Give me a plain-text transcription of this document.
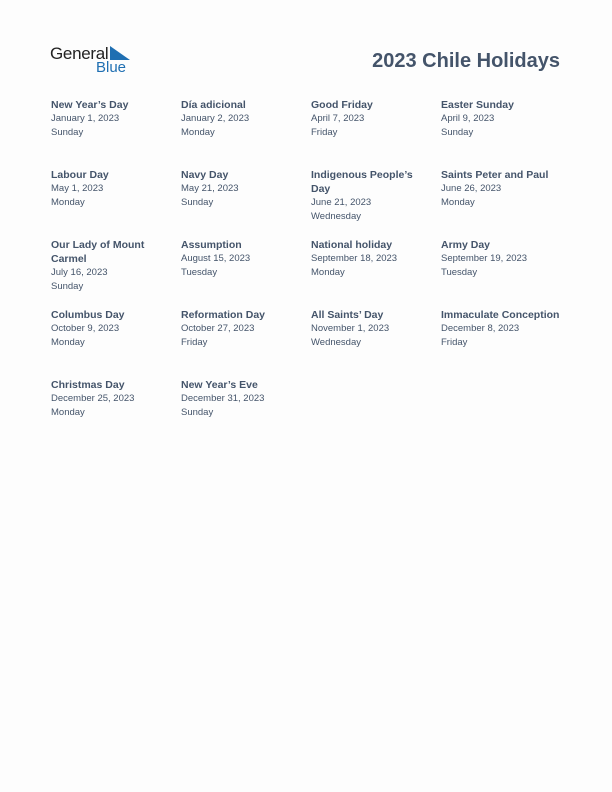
General
Blue	2023 Chile Holidays
New Year’s Day
January 1, 2023
Sunday
Día adicional
January 2, 2023
Monday
Good Friday
April 7, 2023
Friday
Easter Sunday
April 9, 2023
Sunday
Labour Day
May 1, 2023
Monday
Navy Day
May 21, 2023
Sunday
Indigenous People’s Day
June 21, 2023
Wednesday
Saints Peter and Paul
June 26, 2023
Monday
Our Lady of Mount Carmel
July 16, 2023
Sunday
Assumption
August 15, 2023
Tuesday
National holiday
September 18, 2023
Monday
Army Day
September 19, 2023
Tuesday
Columbus Day
October 9, 2023
Monday
Reformation Day
October 27, 2023
Friday
All Saints’ Day
November 1, 2023
Wednesday
Immaculate Conception
December 8, 2023
Friday
Christmas Day
December 25, 2023
Monday
New Year’s Eve
December 31, 2023
Sunday
